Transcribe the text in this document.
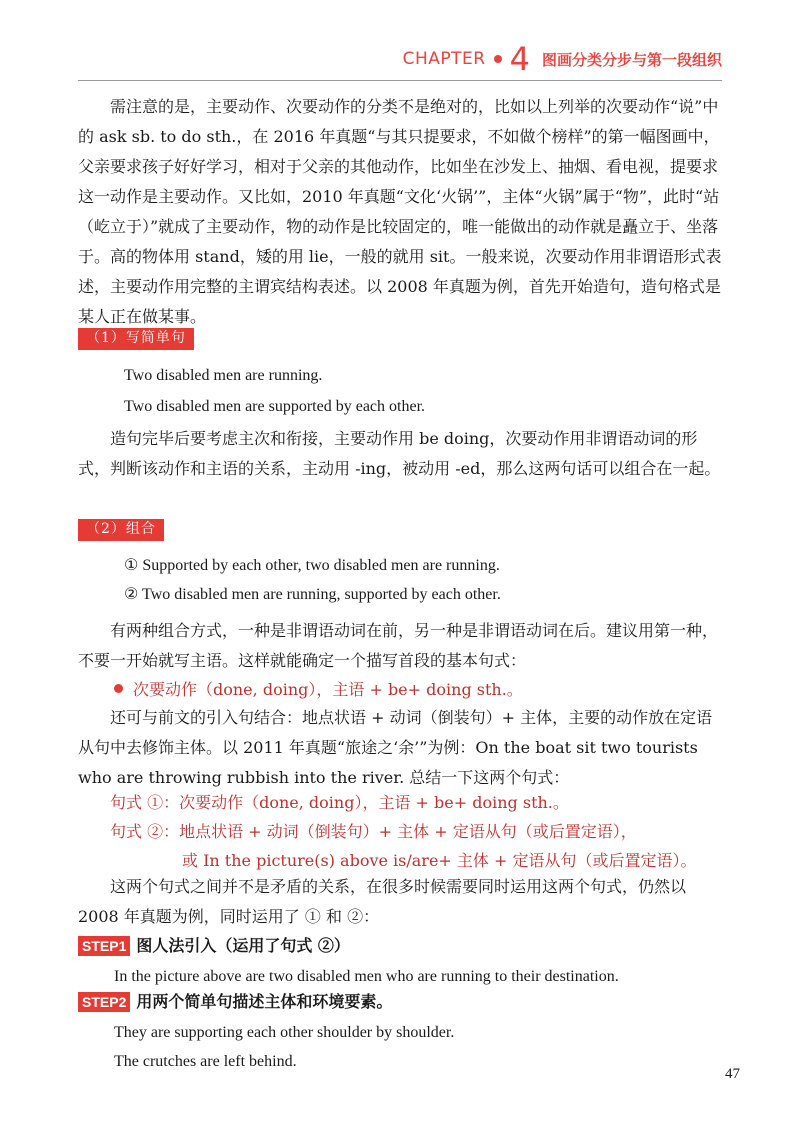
CHAPTER 4 图画分类分步与第一段组织

需注意的是，主要动作、次要动作的分类不是绝对的，比如以上列举的次要动作“说”中的 ask sb. to do sth.，在 2016 年真题“与其只提要求，不如做个榜样”的第一幅图画中，父亲要求孩子好好学习，相对于父亲的其他动作，比如坐在沙发上、抽烟、看电视，提要求这一动作是主要动作。又比如，2010 年真题“文化‘火锅’”，主体“火锅”属于“物”，此时“站（屹立于）”就成了主要动作，物的动作是比较固定的，唯一能做出的动作就是矗立于、坐落于。高的物体用 stand，矮的用 lie，一般的就用 sit。一般来说，次要动作用非谓语形式表述，主要动作用完整的主谓宾结构表述。以 2008 年真题为例，首先开始造句，造句格式是某人正在做某事。

（1）写简单句

Two disabled men are running.

Two disabled men are supported by each other.

造句完毕后要考虑主次和衔接，主要动作用 be doing，次要动作用非谓语动词的形式，判断该动作和主语的关系，主动用 -ing，被动用 -ed，那么这两句话可以组合在一起。

（2）组合

① Supported by each other, two disabled men are running.

② Two disabled men are running, supported by each other.

有两种组合方式，一种是非谓语动词在前，另一种是非谓语动词在后。建议用第一种，不要一开始就写主语。这样就能确定一个描写首段的基本句式：

次要动作（done, doing），主语 + be+ doing sth.。

还可与前文的引入句结合：地点状语 + 动词（倒装句）+ 主体，主要的动作放在定语从句中去修饰主体。以 2011 年真题“旅途之‘余’”为例：On the boat sit two tourists who are throwing rubbish into the river. 总结一下这两个句式：

句式 ①：次要动作（done, doing），主语 + be+ doing sth.。

句式 ②：地点状语 + 动词（倒装句）+ 主体 + 定语从句（或后置定语），

或 In the picture(s) above is/are+ 主体 + 定语从句（或后置定语）。

这两个句式之间并不是矛盾的关系，在很多时候需要同时运用这两个句式，仍然以 2008 年真题为例，同时运用了 ① 和 ②：

STEP1 图人法引入（运用了句式 ②）

In the picture above are two disabled men who are running to their destination.

STEP2 用两个简单句描述主体和环境要素。

They are supporting each other shoulder by shoulder.

The crutches are left behind.

47
